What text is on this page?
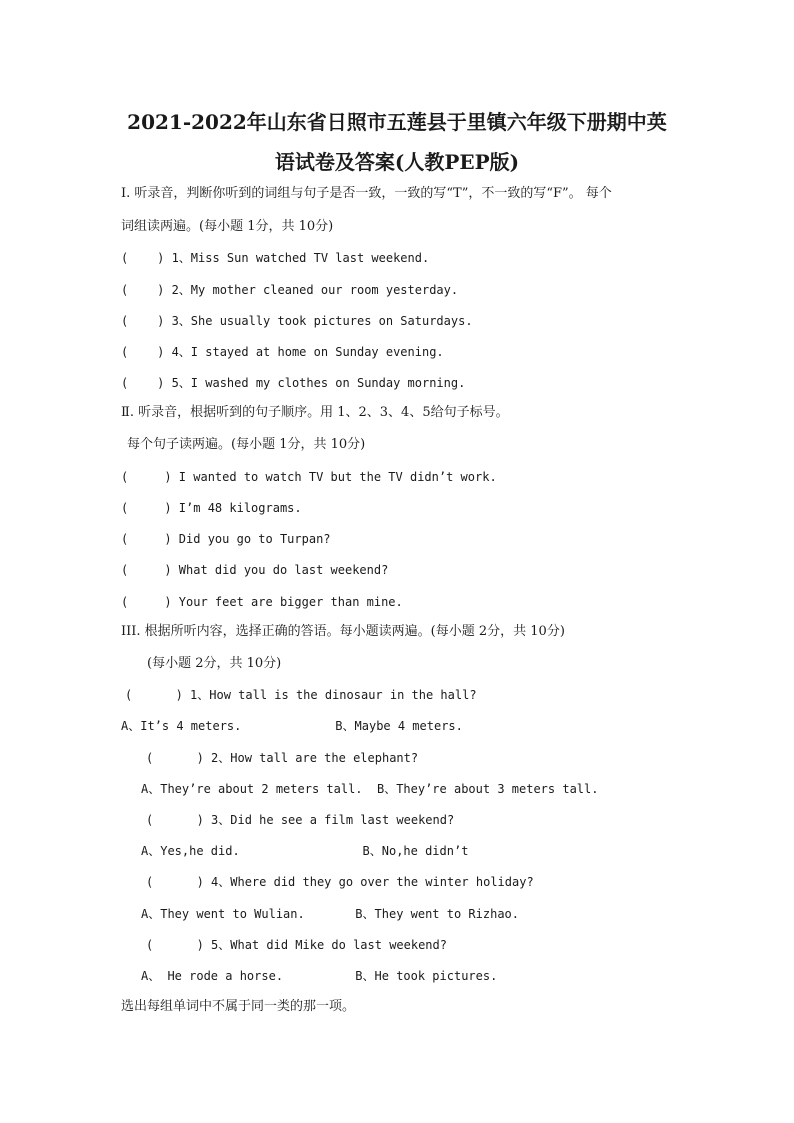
2021-2022年山东省日照市五莲县于里镇六年级下册期中英
语试卷及答案(人教PEP版)
Ⅰ. 听录音，判断你听到的词组与句子是否一致，一致的写“T”，不一致的写“F”。 每个
词组读两遍。(每小题 1分，共 10分)
(    ) 1、Miss Sun watched TV last weekend.
(    ) 2、My mother cleaned our room yesterday.
(    ) 3、She usually took pictures on Saturdays.
(    ) 4、I stayed at home on Sunday evening.
(    ) 5、I washed my clothes on Sunday morning.
Ⅱ. 听录音，根据听到的句子顺序。用 1、2、3、4、5给句子标号。
每个句子读两遍。(每小题 1分，共 10分)
(     ) I wanted to watch TV but the TV didn’t work.
(     ) I’m 48 kilograms.
(     ) Did you go to Turpan?
(     ) What did you do last weekend?
(     ) Your feet are bigger than mine.
III. 根据所听内容，选择正确的答语。每小题读两遍。(每小题 2分，共 10分)
(每小题 2分，共 10分)
(      ) 1、How tall is the dinosaur in the hall?
A、It’s 4 meters.             B、Maybe 4 meters.
(      ) 2、How tall are the elephant?
A、They’re about 2 meters tall.  B、They’re about 3 meters tall.
(      ) 3、Did he see a film last weekend?
A、Yes,he did.                 B、No,he didn’t
(      ) 4、Where did they go over the winter holiday?
A、They went to Wulian.       B、They went to Rizhao.
(      ) 5、What did Mike do last weekend?
A、 He rode a horse.          B、He took pictures.
选出每组单词中不属于同一类的那一项。
